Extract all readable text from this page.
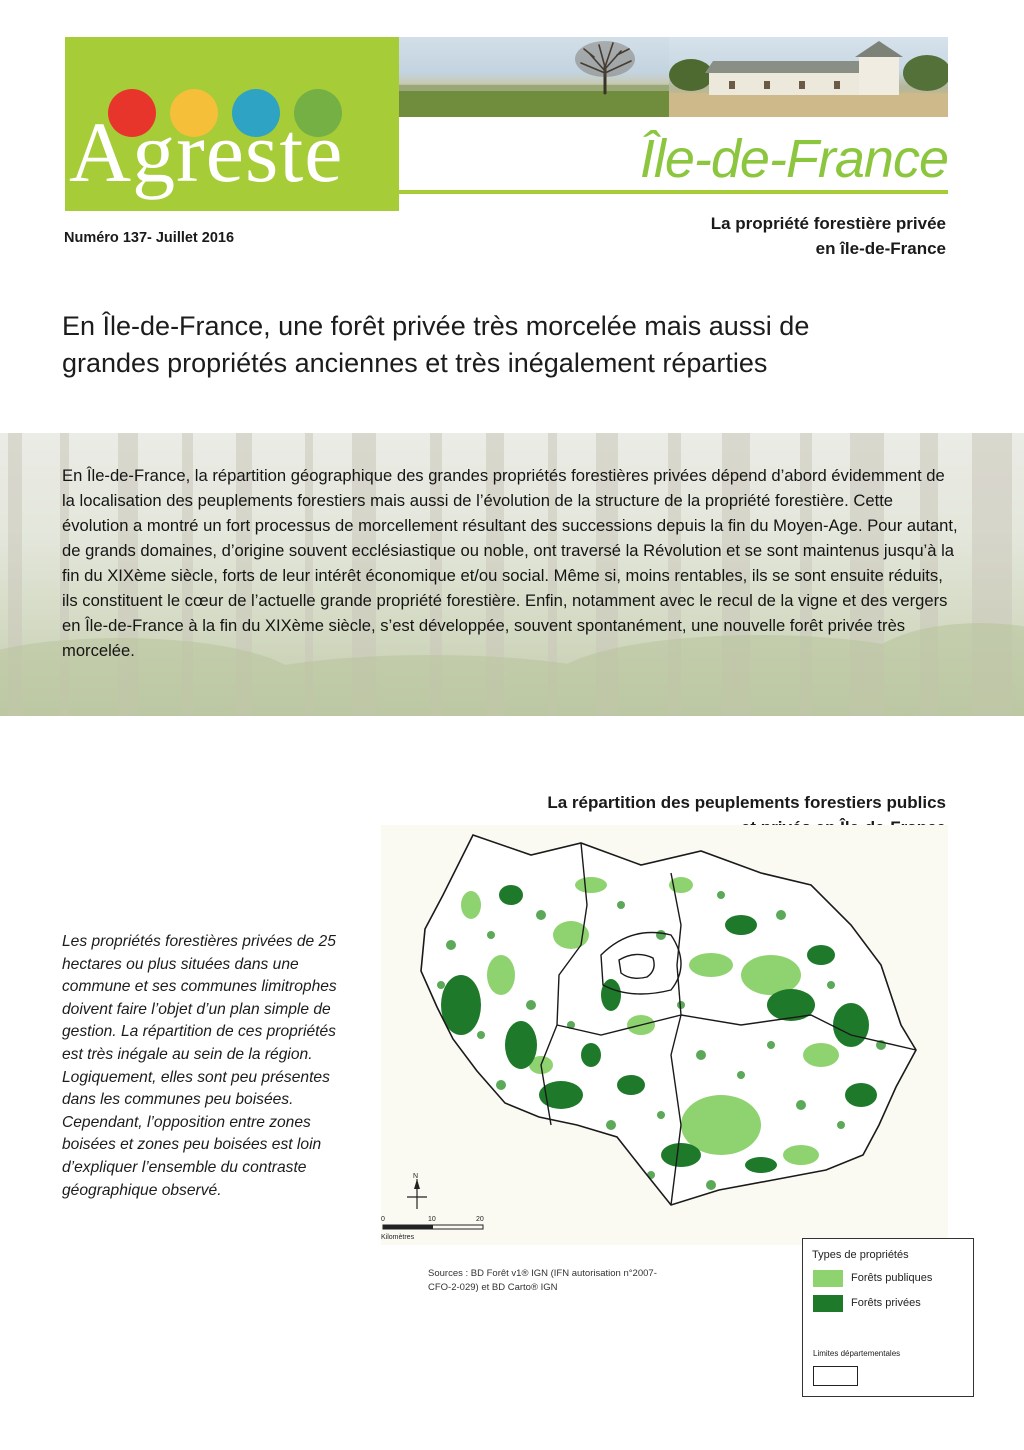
Agreste	Île-de-France
Numéro 137- Juillet 2016
La propriété forestière privée
en île-de-France
En Île-de-France, une forêt privée très morcelée mais aussi de
grandes propriétés anciennes et très inégalement réparties
En Île-de-France, la répartition géographique des grandes propriétés forestières privées dépend d’abord évidemment de la localisation des peuplements forestiers mais aussi de l’évolution de la structure de la propriété forestière. Cette évolution a montré un fort processus de morcellement résultant des successions depuis la fin du Moyen-Age. Pour autant, de grands domaines, d’origine souvent ecclésiastique ou noble, ont traversé la Révolution et se sont maintenus jusqu’à la fin du XIXème siècle, forts de leur intérêt économique et/ou social. Même si, moins rentables, ils se sont ensuite réduits, ils constituent le cœur de l’actuelle grande propriété forestière. Enfin, notamment avec le recul de la vigne et des vergers en Île-de-France à la fin du XIXème siècle, s’est développée, souvent spontanément, une nouvelle forêt privée très morcelée.
La répartition des peuplements forestiers publics
N
0	10	20
Kilomètres
Les propriétés forestières privées de 25 hectares ou plus situées dans une commune et ses communes limitrophes doivent faire l’objet d’un plan simple de gestion. La répartition de ces propriétés est très inégale au sein de la région. Logiquement, elles sont peu présentes dans les communes peu boisées. Cependant, l’opposition entre zones boisées et zones peu boisées est loin d’expliquer l’ensemble du contraste géographique observé.
Sources : BD Forêt v1® IGN (IFN autorisation n°2007-
CFO-2-029) et BD Carto® IGN
Types de propriétés
Forêts publiques
Forêts privées
Limites départementales
